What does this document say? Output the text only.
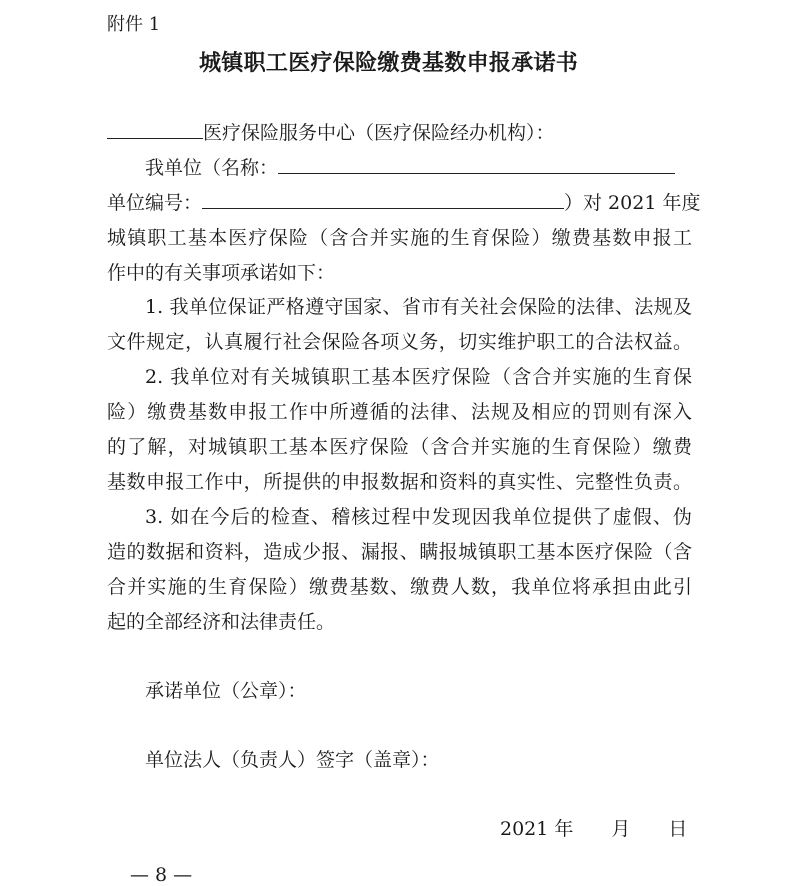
附件 1
城镇职工医疗保险缴费基数申报承诺书
医疗保险服务中心（医疗保险经办机构）：
我单位（名称：
单位编号：	）对 2021 年度
城镇职工基本医疗保险（含合并实施的生育保险）缴费基数申报工
作中的有关事项承诺如下：
1. 我单位保证严格遵守国家、省市有关社会保险的法律、法规及
文件规定，认真履行社会保险各项义务，切实维护职工的合法权益。
2. 我单位对有关城镇职工基本医疗保险（含合并实施的生育保
险）缴费基数申报工作中所遵循的法律、法规及相应的罚则有深入
的了解，对城镇职工基本医疗保险（含合并实施的生育保险）缴费
基数申报工作中，所提供的申报数据和资料的真实性、完整性负责。
3. 如在今后的检查、稽核过程中发现因我单位提供了虚假、伪
造的数据和资料，造成少报、漏报、瞒报城镇职工基本医疗保险（含
合并实施的生育保险）缴费基数、缴费人数，我单位将承担由此引
起的全部经济和法律责任。
承诺单位（公章）：
单位法人（负责人）签字（盖章）：
2021 年　　月　　日
— 8 —
